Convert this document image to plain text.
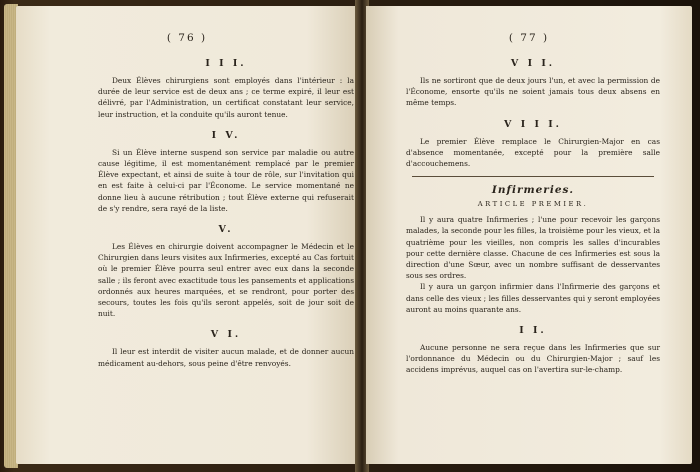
( 76 )
I I I.

Deux Élèves chirurgiens sont employés dans l'intérieur : la durée de leur service est de deux ans ; ce terme expiré, il leur est délivré, par l'Administration, un certificat constatant leur service, leur instruction, et la conduite qu'ils auront tenue.

I V.

Si un Élève interne suspend son service par maladie ou autre cause légitime, il est momentanément remplacé par le premier Élève expectant, et ainsi de suite à tour de rôle, sur l'invitation qui en est faite à celui-ci par l'Économe. Le service momentané ne donne lieu à aucune rétribution ; tout Élève externe qui refuserait de s'y rendre, sera rayé de la liste.

V.

Les Élèves en chirurgie doivent accompagner le Médecin et le Chirurgien dans leurs visites aux Infirmeries, excepté au Cas fortuit où le premier Élève pourra seul entrer avec eux dans la seconde salle ; ils feront avec exactitude tous les pansements et applications ordonnés aux heures marquées, et se rendront, pour porter des secours, toutes les fois qu'ils seront appelés, soit de jour soit de nuit.

V I.

Il leur est interdit de visiter aucun malade, et de donner aucun médicament au-dehors, sous peine d'être renvoyés.

( 77 )
V I I.

Ils ne sortiront que de deux jours l'un, et avec la permission de l'Économe, ensorte qu'ils ne soient jamais tous deux absens en même temps.

V I I I.

Le premier Élève remplace le Chirurgien-Major en cas d'absence momentanée, excepté pour la première salle d'accouchemens.

Infirmeries.
ARTICLE PREMIER.

Il y aura quatre Infirmeries ; l'une pour recevoir les garçons malades, la seconde pour les filles, la troisième pour les vieux, et la quatrième pour les vieilles, non compris les salles d'incurables pour cette dernière classe. Chacune de ces Infirmeries est sous la direction d'une Sœur, avec un nombre suffisant de desservantes sous ses ordres.

Il y aura un garçon infirmier dans l'Infirmerie des garçons et dans celle des vieux ; les filles desservantes qui y seront employées auront au moins quarante ans.

I I.

Aucune personne ne sera reçue dans les Infirmeries que sur l'ordonnance du Médecin ou du Chirurgien-Major ; sauf les accidens imprévus, auquel cas on l'avertira sur-le-champ.
